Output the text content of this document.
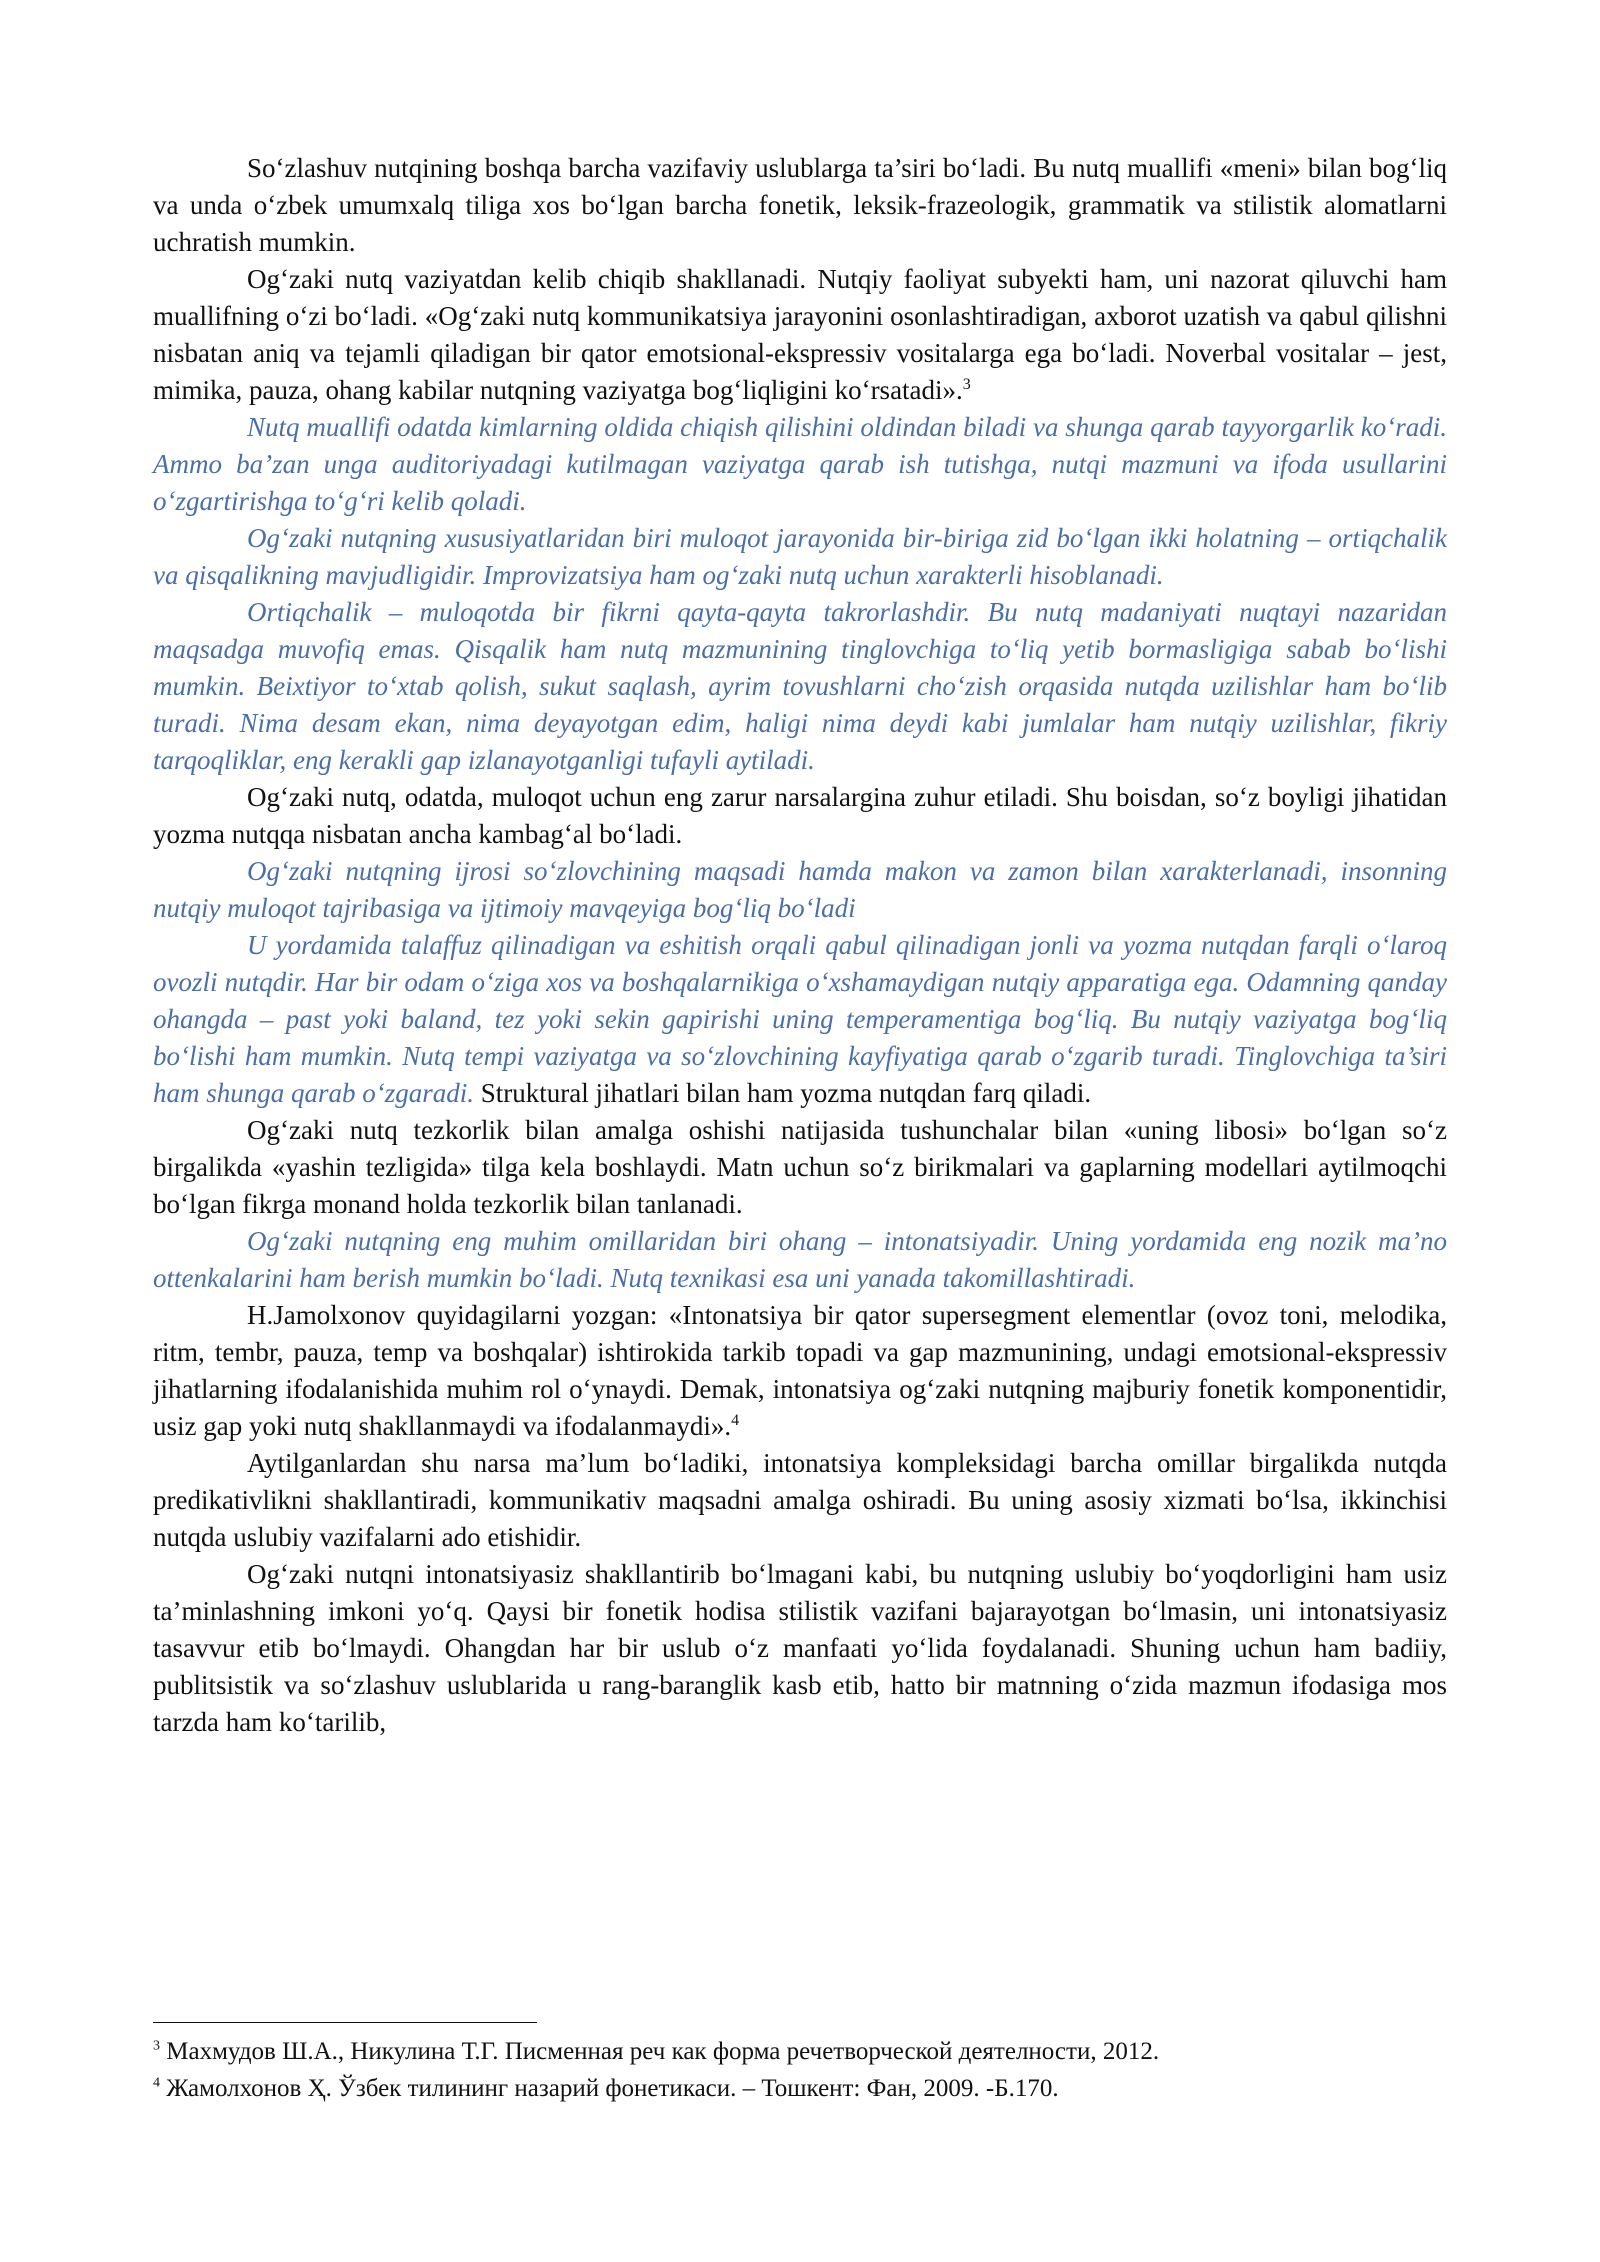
So‘zlashuv nutqining boshqa barcha vazifaviy uslublarga ta’siri bo‘ladi. Bu nutq muallifi «meni» bilan bog‘liq va unda o‘zbek umumxalq tiliga xos bo‘lgan barcha fonetik, leksik-frazeologik, grammatik va stilistik alomatlarni uchratish mumkin.

Og‘zaki nutq vaziyatdan kelib chiqib shakllanadi. Nutqiy faoliyat subyekti ham, uni nazorat qiluvchi ham muallifning o‘zi bo‘ladi. «Og‘zaki nutq kommunikatsiya jarayonini osonlashtiradigan, axborot uzatish va qabul qilishni nisbatan aniq va tejamli qiladigan bir qator emotsional-ekspressiv vositalarga ega bo‘ladi. Noverbal vositalar – jest, mimika, pauza, ohang kabilar nutqning vaziyatga bog‘liqligini ko‘rsatadi».$^3$

Nutq muallifi odatda kimlarning oldida chiqish qilishini oldindan biladi va shunga qarab tayyorgarlik ko‘radi. Ammo ba’zan unga auditoriyadagi kutilmagan vaziyatga qarab ish tutishga, nutqi mazmuni va ifoda usullarini o‘zgartirishga to‘g‘ri kelib qoladi.

Og‘zaki nutqning xususiyatlaridan biri muloqot jarayonida bir-biriga zid bo‘lgan ikki holatning – ortiqchalik va qisqalikning mavjudligidir. Improvizatsiya ham og‘zaki nutq uchun xarakterli hisoblanadi.

Ortiqchalik – muloqotda bir fikrni qayta-qayta takrorlashdir. Bu nutq madaniyati nuqtayi nazaridan maqsadga muvofiq emas. Qisqalik ham nutq mazmunining tinglovchiga to‘liq yetib bormasligiga sabab bo‘lishi mumkin. Beixtiyor to‘xtab qolish, sukut saqlash, ayrim tovushlarni cho‘zish orqasida nutqda uzilishlar ham bo‘lib turadi. Nima desam ekan, nima deyayotgan edim, haligi nima deydi kabi jumlalar ham nutqiy uzilishlar, fikriy tarqoqliklar, eng kerakli gap izlanayotganligi tufayli aytiladi.

Og‘zaki nutq, odatda, muloqot uchun eng zarur narsalargina zuhur etiladi. Shu boisdan, so‘z boyligi jihatidan yozma nutqqa nisbatan ancha kambag‘al bo‘ladi.

Og‘zaki nutqning ijrosi so‘zlovchining maqsadi hamda makon va zamon bilan xarakterlanadi, insonning nutqiy muloqot tajribasiga va ijtimoiy mavqeyiga bog‘liq bo‘ladi

U yordamida talaffuz qilinadigan va eshitish orqali qabul qilinadigan jonli va yozma nutqdan farqli o‘laroq ovozli nutqdir. Har bir odam o‘ziga xos va boshqalarnikiga o‘xshamaydigan nutqiy apparatiga ega. Odamning qanday ohangda – past yoki baland, tez yoki sekin gapirishi uning temperamentiga bog‘liq. Bu nutqiy vaziyatga bog‘liq bo‘lishi ham mumkin. Nutq tempi vaziyatga va so‘zlovchining kayfiyatiga qarab o‘zgarib turadi. Tinglovchiga ta’siri ham shunga qarab o‘zgaradi. Struktural jihatlari bilan ham yozma nutqdan farq qiladi.

Og‘zaki nutq tezkorlik bilan amalga oshishi natijasida tushunchalar bilan «uning libosi» bo‘lgan so‘z birgalikda «yashin tezligida» tilga kela boshlaydi. Matn uchun so‘z birikmalari va gaplarning modellari aytilmoqchi bo‘lgan fikrga monand holda tezkorlik bilan tanlanadi.

Og‘zaki nutqning eng muhim omillaridan biri ohang – intonatsiyadir. Uning yordamida eng nozik ma’no ottenkalarini ham berish mumkin bo‘ladi. Nutq texnikasi esa uni yanada takomillashtiradi.

H.Jamolxonov quyidagilarni yozgan: «Intonatsiya bir qator supersegment elementlar (ovoz toni, melodika, ritm, tembr, pauza, temp va boshqalar) ishtirokida tarkib topadi va gap mazmunining, undagi emotsional-ekspressiv jihatlarning ifodalanishida muhim rol o‘ynaydi. Demak, intonatsiya og‘zaki nutqning majburiy fonetik komponentidir, usiz gap yoki nutq shakllanmaydi va ifodalanmaydi».$^4$

Aytilganlardan shu narsa ma’lum bo‘ladiki, intonatsiya kompleksidagi barcha omillar birgalikda nutqda predikativlikni shakllantiradi, kommunikativ maqsadni amalga oshiradi. Bu uning asosiy xizmati bo‘lsa, ikkinchisi nutqda uslubiy vazifalarni ado etishidir.

Og‘zaki nutqni intonatsiyasiz shakllantirib bo‘lmagani kabi, bu nutqning uslubiy bo‘yoqdorligini ham usiz ta’minlashning imkoni yo‘q. Qaysi bir fonetik hodisa stilistik vazifani bajarayotgan bo‘lmasin, uni intonatsiyasiz tasavvur etib bo‘lmaydi. Ohangdan har bir uslub o‘z manfaati yo‘lida foydalanadi. Shuning uchun ham badiiy, publitsistik va so‘zlashuv uslublarida u rang-baranglik kasb etib, hatto bir matnning o‘zida mazmun ifodasiga mos tarzda ham ko‘tarilib,

$^3$ Махмудов Ш.А., Никулина Т.Г. Писменная реч как форма речетворческой деятелности, 2012.

$^4$ Жамолхонов Ҳ. Ўзбек тилининг назарий фонетикаси. – Тошкент: Фан, 2009. -Б.170.
